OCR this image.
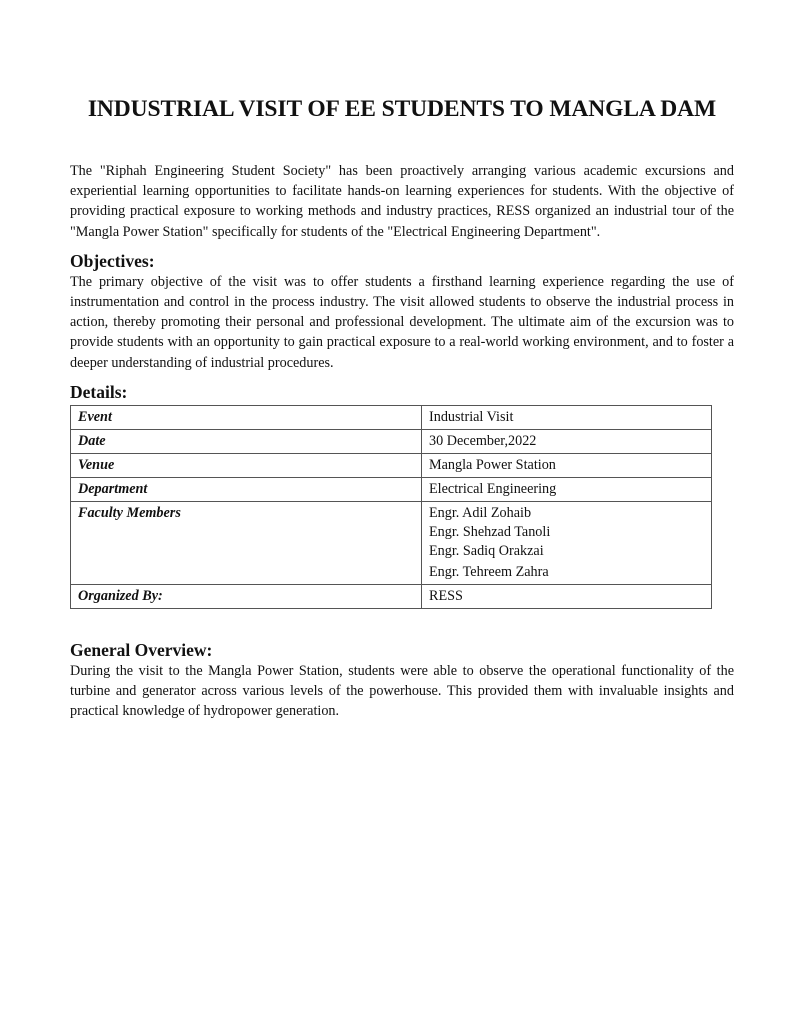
INDUSTRIAL VISIT OF EE STUDENTS TO MANGLA DAM

The "Riphah Engineering Student Society" has been proactively arranging various academic excursions and experiential learning opportunities to facilitate hands-on learning experiences for students. With the objective of providing practical exposure to working methods and industry practices, RESS organized an industrial tour of the "Mangla Power Station" specifically for students of the "Electrical Engineering Department".

Objectives:

The primary objective of the visit was to offer students a firsthand learning experience regarding the use of instrumentation and control in the process industry. The visit allowed students to observe the industrial process in action, thereby promoting their personal and professional development. The ultimate aim of the excursion was to provide students with an opportunity to gain practical exposure to a real-world working environment, and to foster a deeper understanding of industrial procedures.

Details:
Event	Industrial Visit
Date	30 December,2022
Venue	Mangla Power Station
Department	Electrical Engineering
Faculty Members	Engr. Adil Zohaib
Engr. Shehzad Tanoli
Engr. Sadiq Orakzai
Engr. Tehreem Zahra

Organized By:	RESS
General Overview:

During the visit to the Mangla Power Station, students were able to observe the operational functionality of the turbine and generator across various levels of the powerhouse. This provided them with invaluable insights and practical knowledge of hydropower generation.
